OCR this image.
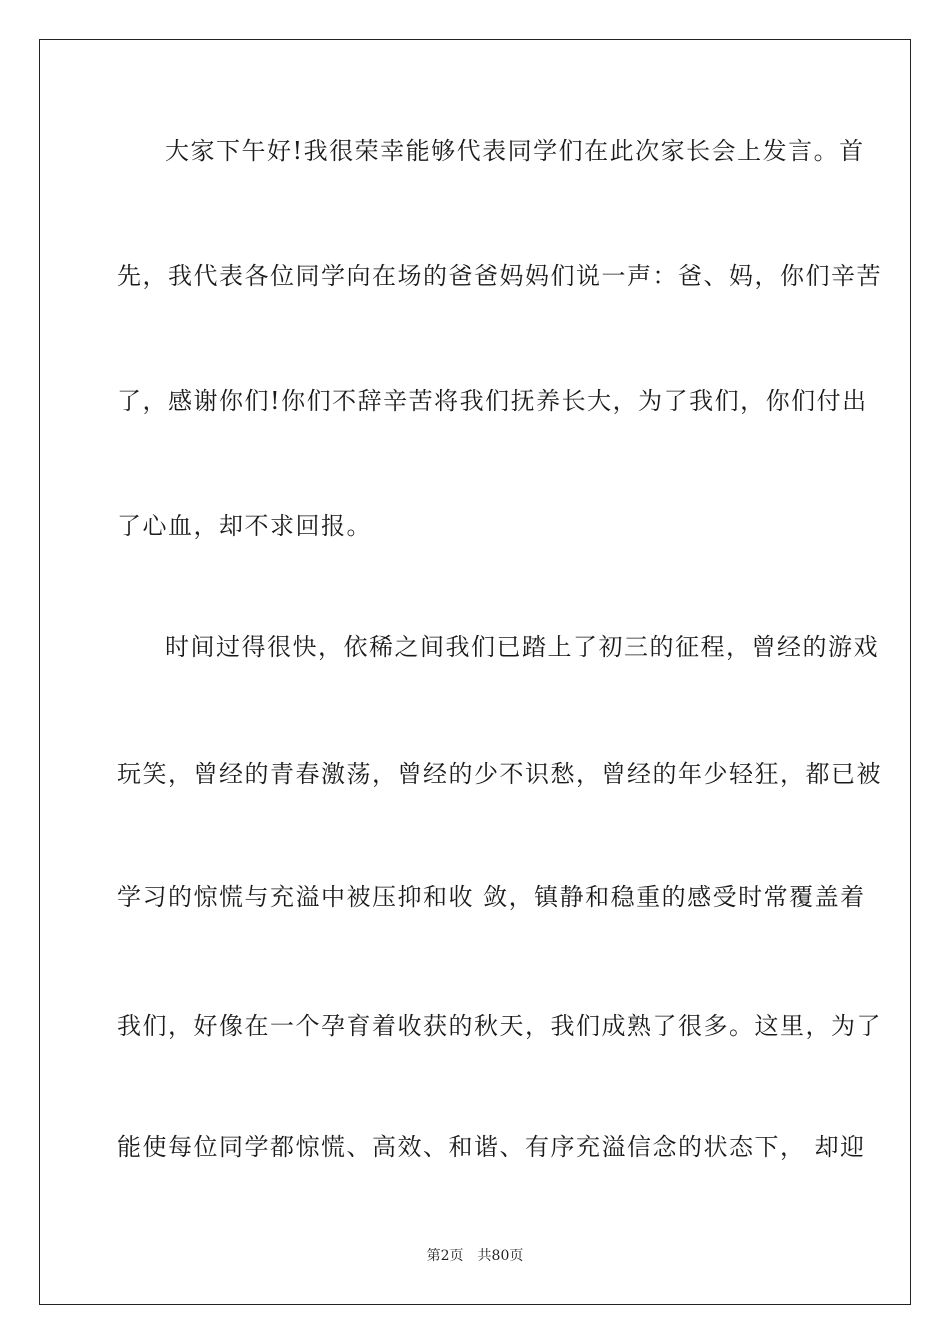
大家下午好!我很荣幸能够代表同学们在此次家长会上发言。首
先，我代表各位同学向在场的爸爸妈妈们说一声：爸、妈，你们辛苦
了，感谢你们!你们不辞辛苦将我们抚养长大，为了我们，你们付出
了心血，却不求回报。
时间过得很快，依稀之间我们已踏上了初三的征程，曾经的游戏
玩笑，曾经的青春激荡，曾经的少不识愁，曾经的年少轻狂，都已被
学习的惊慌与充溢中被压抑和收 敛，镇静和稳重的感受时常覆盖着
我们，好像在一个孕育着收获的秋天，我们成熟了很多。这里，为了
能使每位同学都惊慌、高效、和谐、有序充溢信念的状态下， 却迎
第2页 共80页
